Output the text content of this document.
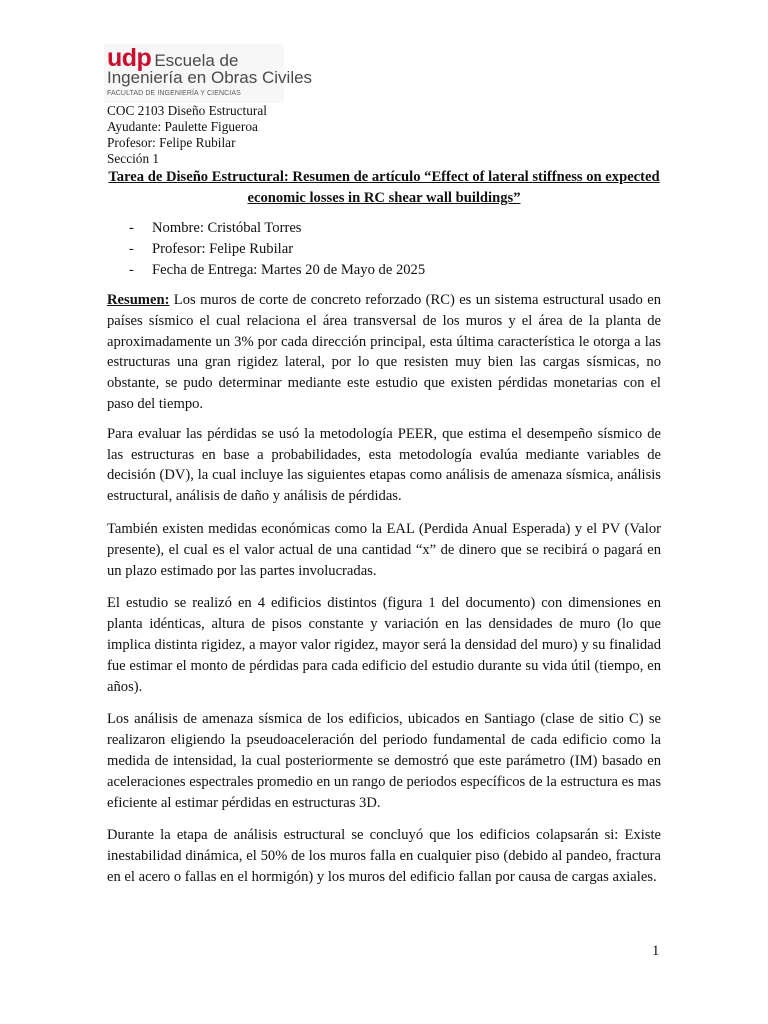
udp Escuela de
Ingeniería en Obras Civiles
FACULTAD DE INGENIERÍA Y CIENCIAS
COC 2103 Diseño Estructural
Ayudante: Paulette Figueroa
Profesor: Felipe Rubilar
Sección 1
Tarea de Diseño Estructural: Resumen de artículo “Effect of lateral stiffness on expected economic losses in RC shear wall buildings”
- Nombre: Cristóbal Torres
- Profesor: Felipe Rubilar
- Fecha de Entrega: Martes 20 de Mayo de 2025

Resumen: Los muros de corte de concreto reforzado (RC) es un sistema estructural usado en países sísmico el cual relaciona el área transversal de los muros y el área de la planta de aproximadamente un 3% por cada dirección principal, esta última característica le otorga a las estructuras una gran rigidez lateral, por lo que resisten muy bien las cargas sísmicas, no obstante, se pudo determinar mediante este estudio que existen pérdidas monetarias con el paso del tiempo.

Para evaluar las pérdidas se usó la metodología PEER, que estima el desempeño sísmico de las estructuras en base a probabilidades, esta metodología evalúa mediante variables de decisión (DV), la cual incluye las siguientes etapas como análisis de amenaza sísmica, análisis estructural, análisis de daño y análisis de pérdidas.

También existen medidas económicas como la EAL (Perdida Anual Esperada) y el PV (Valor presente), el cual es el valor actual de una cantidad “x” de dinero que se recibirá o pagará en un plazo estimado por las partes involucradas.

El estudio se realizó en 4 edificios distintos (figura 1 del documento) con dimensiones en planta idénticas, altura de pisos constante y variación en las densidades de muro (lo que implica distinta rigidez, a mayor valor rigidez, mayor será la densidad del muro) y su finalidad fue estimar el monto de pérdidas para cada edificio del estudio durante su vida útil (tiempo, en años).

Los análisis de amenaza sísmica de los edificios, ubicados en Santiago (clase de sitio C) se realizaron eligiendo la pseudoaceleración del periodo fundamental de cada edificio como la medida de intensidad, la cual posteriormente se demostró que este parámetro (IM) basado en aceleraciones espectrales promedio en un rango de periodos específicos de la estructura es mas eficiente al estimar pérdidas en estructuras 3D.

Durante la etapa de análisis estructural se concluyó que los edificios colapsarán si: Existe inestabilidad dinámica, el 50% de los muros falla en cualquier piso (debido al pandeo, fractura en el acero o fallas en el hormigón) y los muros del edificio fallan por causa de cargas axiales.

1
